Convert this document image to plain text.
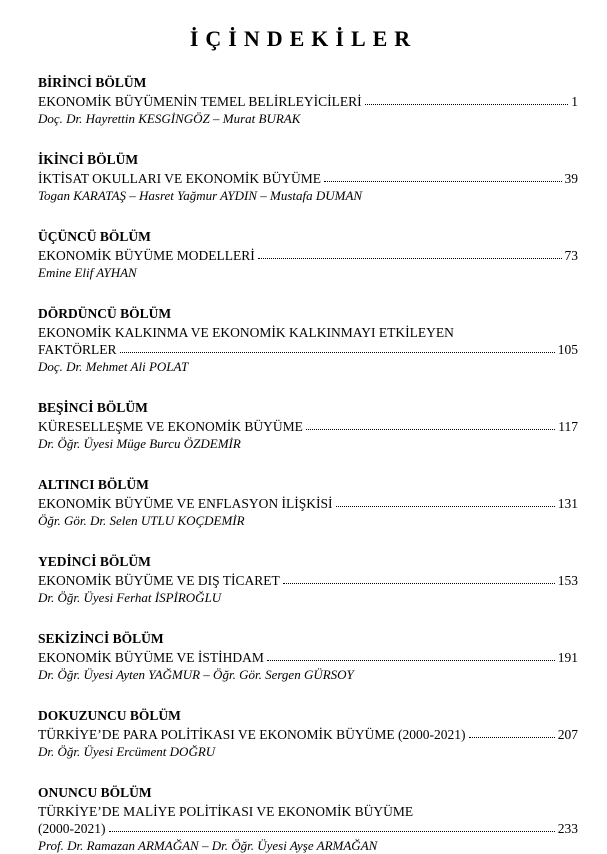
İÇİNDEKİLER
BİRİNCİ BÖLÜM
EKONOMİK BÜYÜMENİN TEMEL BELİRLEYİCİLERİ	1
Doç. Dr. Hayrettin KESGİNGÖZ – Murat BURAK
İKİNCİ BÖLÜM
İKTİSAT OKULLARI VE EKONOMİK BÜYÜME	39
Togan KARATAŞ – Hasret Yağmur AYDIN – Mustafa DUMAN
ÜÇÜNCÜ BÖLÜM
EKONOMİK BÜYÜME MODELLERİ	73
Emine Elif AYHAN
DÖRDÜNCÜ BÖLÜM
EKONOMİK KALKINMA VE EKONOMİK KALKINMAYI ETKİLEYEN
FAKTÖRLER	105
Doç. Dr. Mehmet Ali POLAT
BEŞİNCİ BÖLÜM
KÜRESELLEŞME VE EKONOMİK BÜYÜME	117
Dr. Öğr. Üyesi Müge Burcu ÖZDEMİR
ALTINCI BÖLÜM
EKONOMİK BÜYÜME VE ENFLASYON İLİŞKİSİ	131
Öğr. Gör. Dr. Selen UTLU KOÇDEMİR
YEDİNCİ BÖLÜM
EKONOMİK BÜYÜME VE DIŞ TİCARET	153
Dr. Öğr. Üyesi Ferhat İSPİROĞLU
SEKİZİNCİ BÖLÜM
EKONOMİK BÜYÜME VE İSTİHDAM	191
Dr. Öğr. Üyesi Ayten YAĞMUR – Öğr. Gör. Sergen GÜRSOY
DOKUZUNCU BÖLÜM
TÜRKİYE’DE PARA POLİTİKASI VE EKONOMİK BÜYÜME (2000-2021)	207
Dr. Öğr. Üyesi Ercüment DOĞRU
ONUNCU BÖLÜM
TÜRKİYE’DE MALİYE POLİTİKASI VE EKONOMİK BÜYÜME
(2000-2021)	233
Prof. Dr. Ramazan ARMAĞAN – Dr. Öğr. Üyesi Ayşe ARMAĞAN
